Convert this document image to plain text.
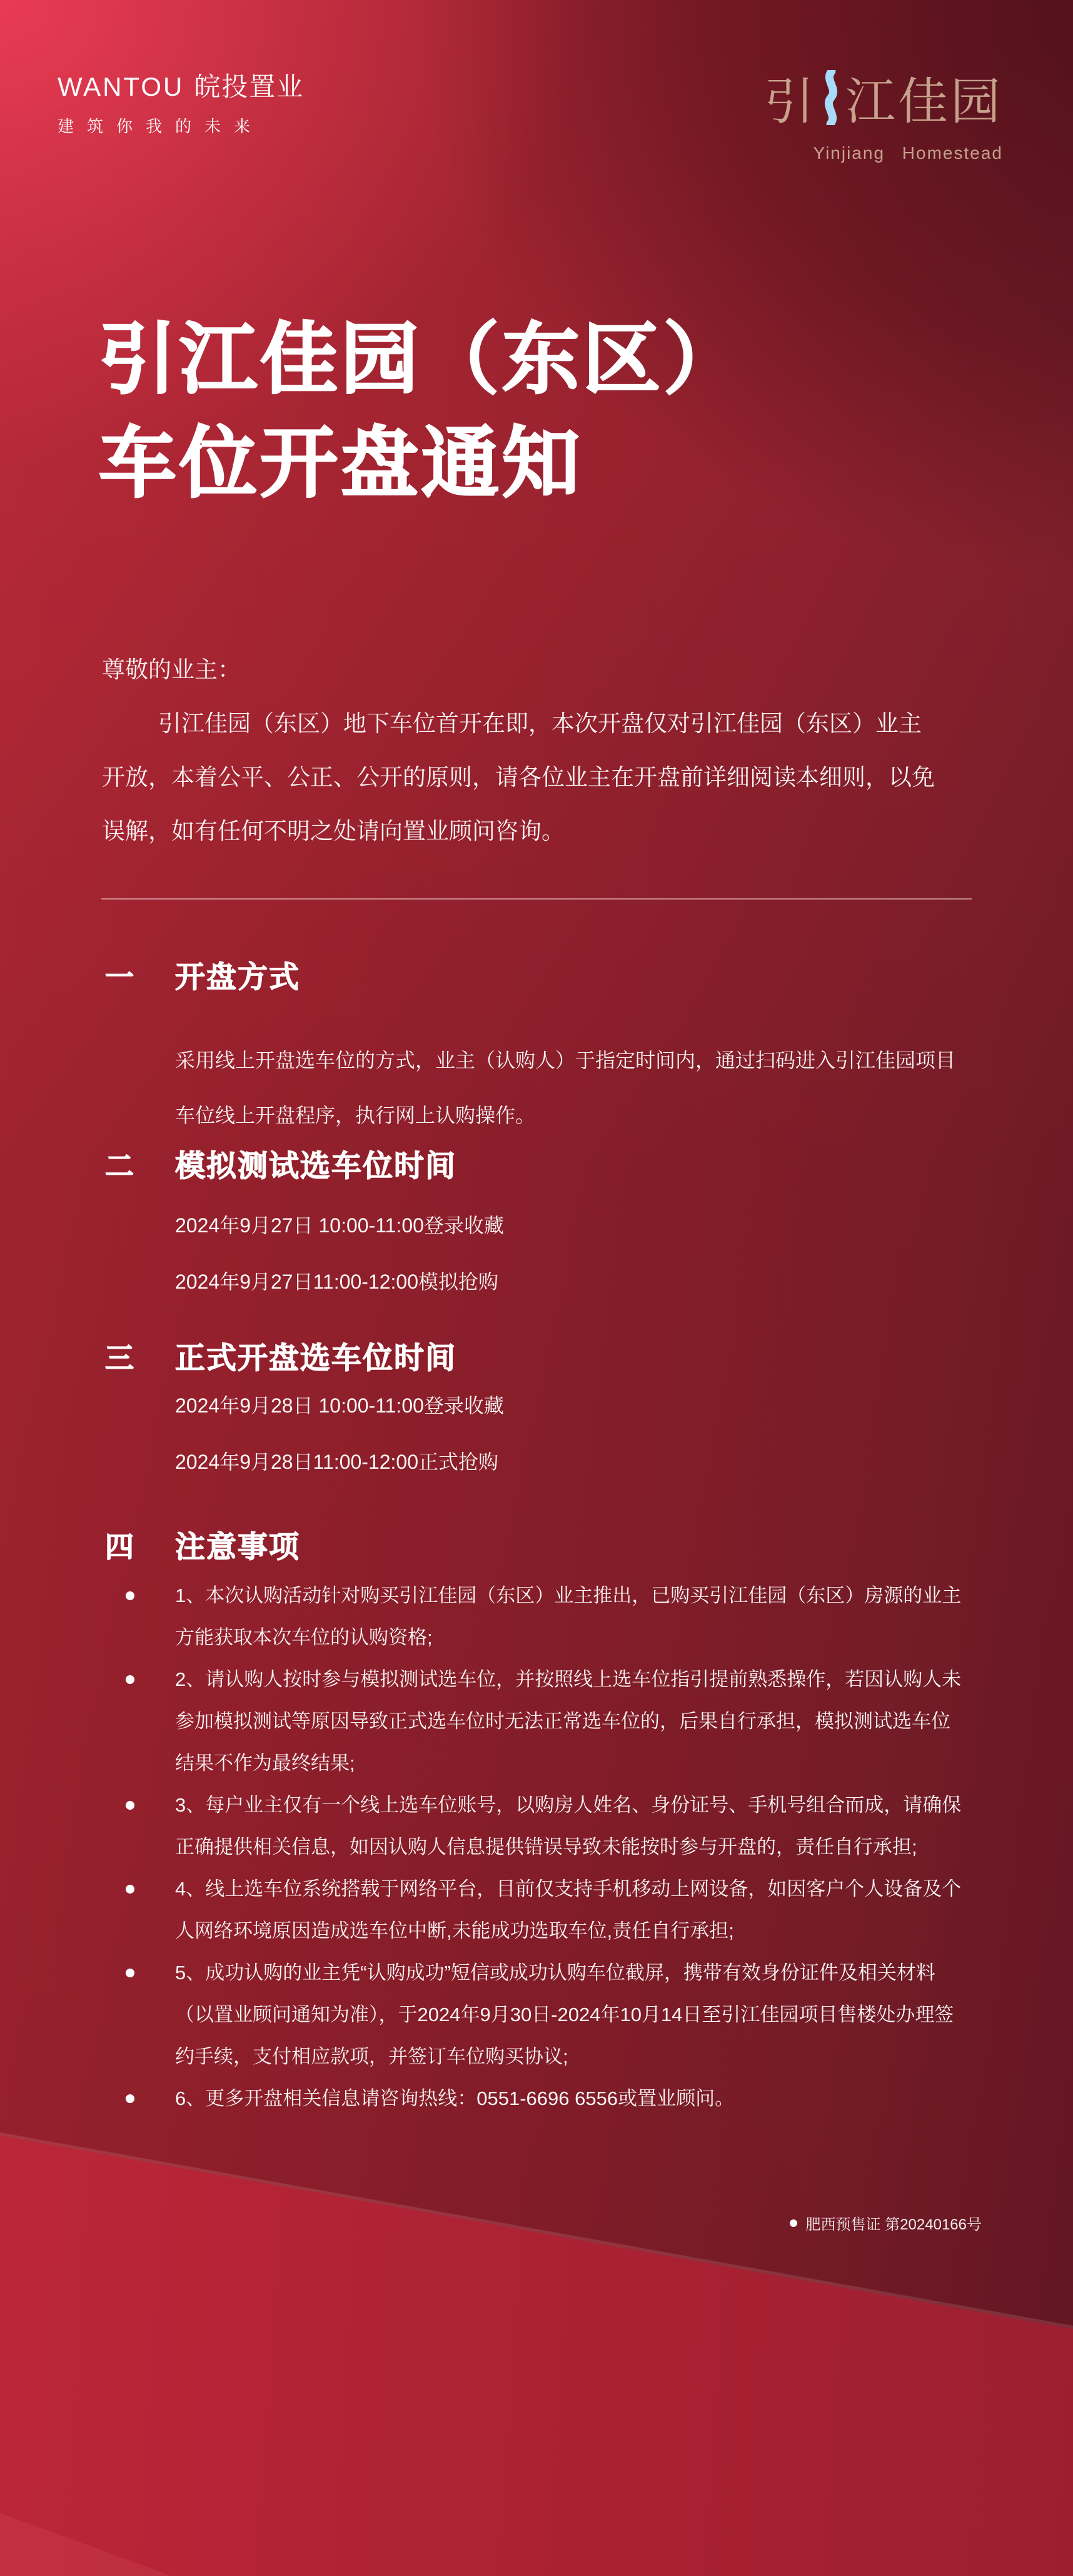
WANTOU 皖投置业
建筑你我的未来	引 江佳园
Yinjiang Homestead
引江佳园（东区）
车位开盘通知
尊敬的业主：

引江佳园（东区）地下车位首开在即，本次开盘仅对引江佳园（东区）业主开放，本着公平、公正、公开的原则，请各位业主在开盘前详细阅读本细则，以免误解，如有任何不明之处请向置业顾问咨询。

一 开盘方式

采用线上开盘选车位的方式，业主（认购人）于指定时间内，通过扫码进入引江佳园项目车位线上开盘程序，执行网上认购操作。

二 模拟测试选车位时间
2024年9月27日 10:00-11:00登录收藏
2024年9月27日11:00-12:00模拟抢购
三 正式开盘选车位时间
2024年9月28日 10:00-11:00登录收藏
2024年9月28日11:00-12:00正式抢购
四 注意事项

1、本次认购活动针对购买引江佳园（东区）业主推出，已购买引江佳园（东区）房源的业主方能获取本次车位的认购资格;

2、请认购人按时参与模拟测试选车位，并按照线上选车位指引提前熟悉操作，若因认购人未参加模拟测试等原因导致正式选车位时无法正常选车位的，后果自行承担，模拟测试选车位结果不作为最终结果;

3、每户业主仅有一个线上选车位账号，以购房人姓名、身份证号、手机号组合而成，请确保正确提供相关信息，如因认购人信息提供错误导致未能按时参与开盘的，责任自行承担;

4、线上选车位系统搭载于网络平台，目前仅支持手机移动上网设备，如因客户个人设备及个人网络环境原因造成选车位中断,未能成功选取车位,责任自行承担;

5、成功认购的业主凭“认购成功”短信或成功认购车位截屏，携带有效身份证件及相关材料（以置业顾问通知为准），于2024年9月30日-2024年10月14日至引江佳园项目售楼处办理签约手续，支付相应款项，并签订车位购买协议;

6、更多开盘相关信息请咨询热线：0551-6696 6556或置业顾问。

肥西预售证 第20240166号
